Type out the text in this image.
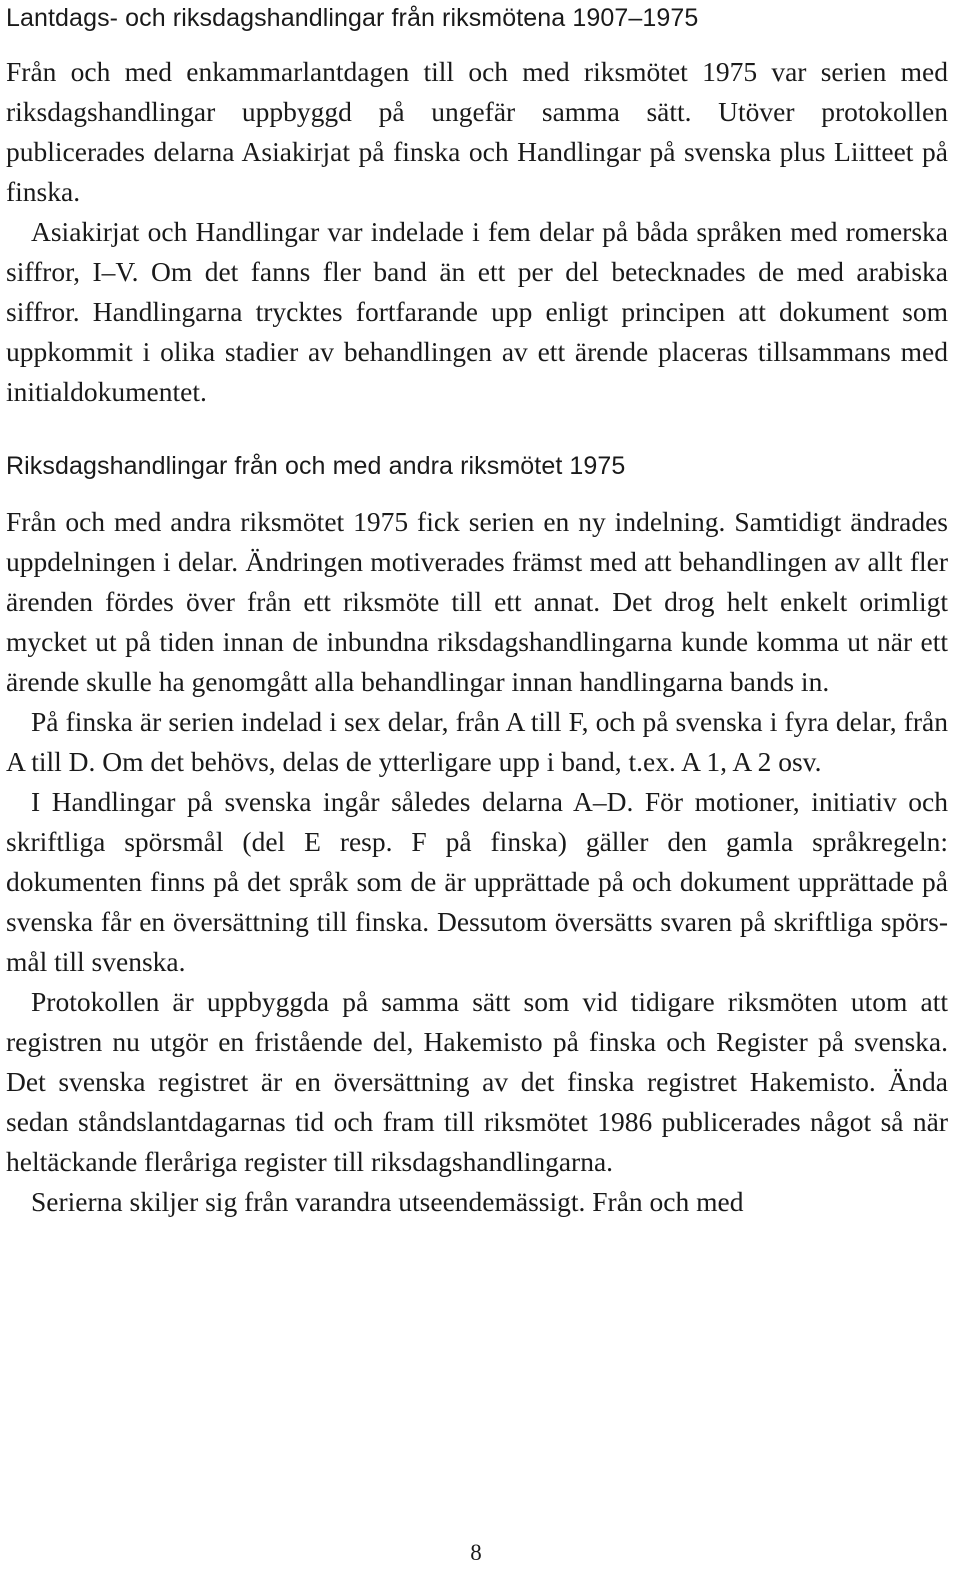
Lantdags- och riksdagshandlingar från riksmötena 1907–1975

Från och med enkammarlantdagen till och med riksmötet 1975 var serien med riksdagshandlingar uppbyggd på ungefär samma sätt. Utöver protokollen publicerades delarna Asiakirjat på finska och Handlingar på svenska plus Liitteet på finska.

Asiakirjat och Handlingar var indelade i fem delar på båda språken med romerska siffror, I–V. Om det fanns fler band än ett per del betecknades de med arabiska siffror. Handlingarna trycktes fortfarande upp enligt principen att dokument som uppkommit i olika stadier av behandlingen av ett ärende placeras tillsammans med initialdokumentet.

Riksdagshandlingar från och med andra riksmötet 1975

Från och med andra riksmötet 1975 fick serien en ny indelning. Samtidigt ändrades uppdelningen i delar. Ändringen motiverades främst med att behandlingen av allt fler ärenden fördes över från ett riksmöte till ett annat. Det drog helt enkelt orimligt mycket ut på tiden innan de inbundna riksdagshandlingarna kunde komma ut när ett ärende skulle ha genomgått alla behandlingar innan handlingarna bands in.

På finska är serien indelad i sex delar, från A till F, och på svenska i fyra delar, från A till D. Om det behövs, delas de ytterligare upp i band, t.ex. A 1, A 2 osv.

I Handlingar på svenska ingår således delarna A–D. För motioner, initiativ och skriftliga spörsmål (del E resp. F på finska) gäller den gamla språkregeln: dokumenten finns på det språk som de är upprättade på och dokument upprättade på svenska får en översättning till finska. Dessutom översätts svaren på skriftliga spörsmål till svenska.

Protokollen är uppbyggda på samma sätt som vid tidigare riksmöten utom att registren nu utgör en fristående del, Hakemisto på finska och Register på svenska. Det svenska registret är en översättning av det finska registret Hakemisto. Ända sedan ståndslantdagarnas tid och fram till riksmötet 1986 publicerades något så när heltäckande fleråriga register till riksdagshandlingarna.

Serierna skiljer sig från varandra utseendemässigt. Från och med

8
